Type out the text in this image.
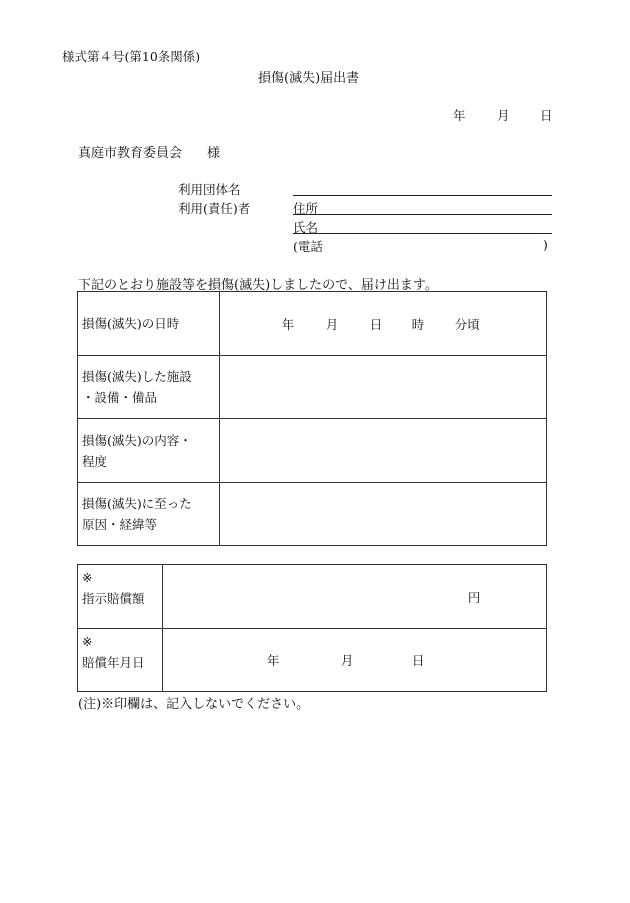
様式第４号(第10条関係)
損傷(滅失)届出書
年	月 日
真庭市教育委員会 様
利用団体名
利用(責任)者	住所
氏名
(電話	)
下記のとおり施設等を損傷(滅失)しましたので、届け出ます。
損傷(滅失)の日時	年 月 日 時 分頃

損傷(滅失)した施設
・設備・備品	

損傷(滅失)の内容・
程度	

損傷(滅失)に至った
原因・経緯等	

※
指示賠償額	円

※
賠償年月日	年 月 日
(注)※印欄は、記入しないでください。
